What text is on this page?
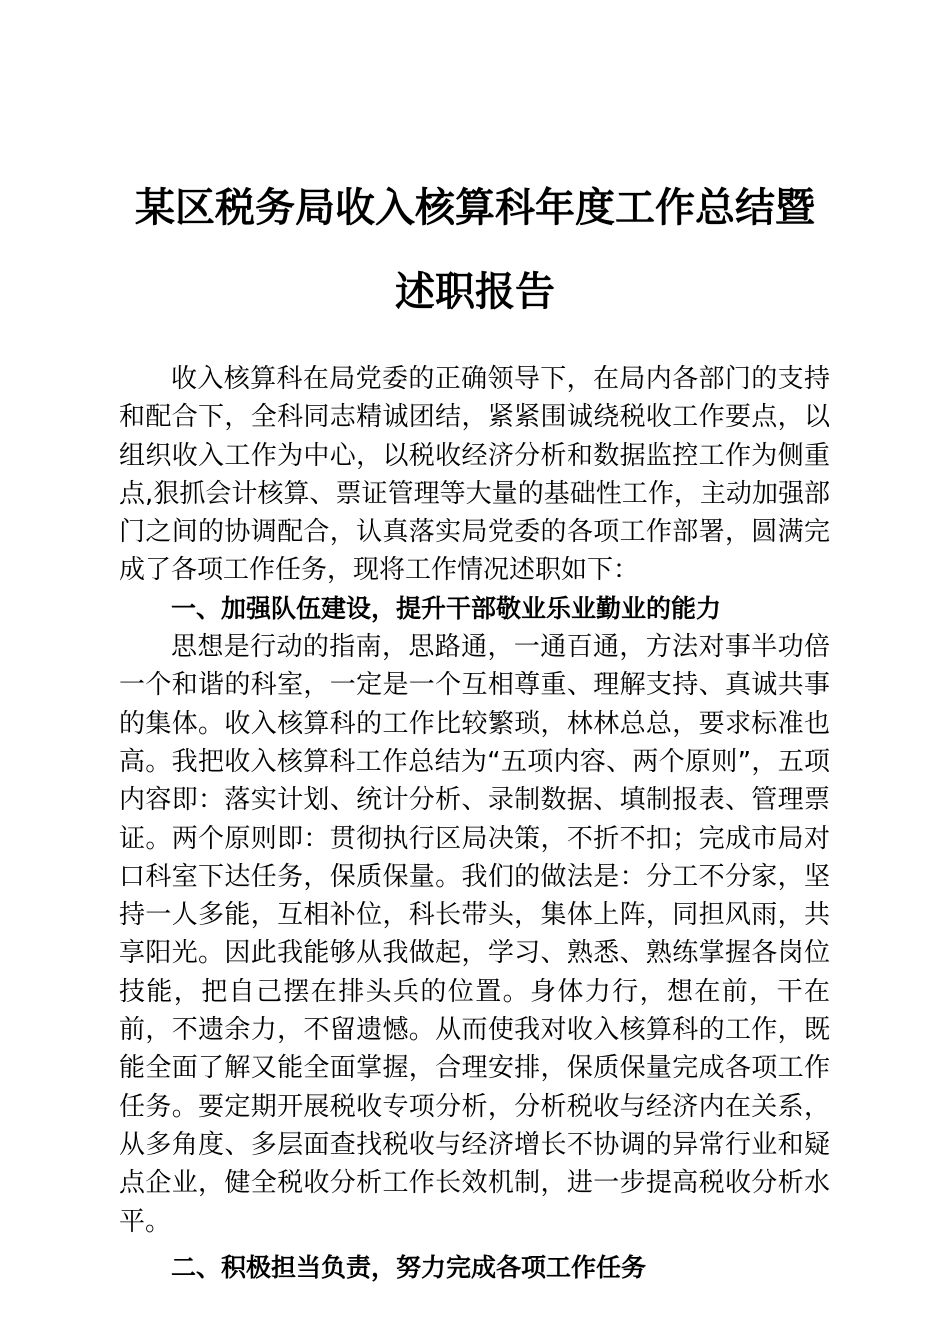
某区税务局收入核算科年度工作总结暨述职报告

收入核算科在局党委的正确领导下，在局内各部门的支持和配合下，全科同志精诚团结，紧紧围诚绕税收工作要点，以组织收入工作为中心，以税收经济分析和数据监控工作为侧重点,狠抓会计核算、票证管理等大量的基础性工作，主动加强部门之间的协调配合，认真落实局党委的各项工作部署，圆满完成了各项工作任务，现将工作情况述职如下：

一、加强队伍建设，提升干部敬业乐业勤业的能力

思想是行动的指南，思路通，一通百通，方法对事半功倍一个和谐的科室，一定是一个互相尊重、理解支持、真诚共事的集体。收入核算科的工作比较繁琐，林林总总，要求标准也高。我把收入核算科工作总结为“五项内容、两个原则”，五项内容即：落实计划、统计分析、录制数据、填制报表、管理票证。两个原则即：贯彻执行区局决策，不折不扣；完成市局对口科室下达任务，保质保量。我们的做法是：分工不分家，坚持一人多能，互相补位，科长带头，集体上阵，同担风雨，共享阳光。因此我能够从我做起，学习、熟悉、熟练掌握各岗位技能，把自己摆在排头兵的位置。身体力行，想在前，干在前，不遗余力，不留遗憾。从而使我对收入核算科的工作，既能全面了解又能全面掌握，合理安排，保质保量完成各项工作任务。要定期开展税收专项分析，分析税收与经济内在关系，从多角度、多层面查找税收与经济增长不协调的异常行业和疑点企业，健全税收分析工作长效机制，进一步提高税收分析水平。

二、积极担当负责，努力完成各项工作任务
